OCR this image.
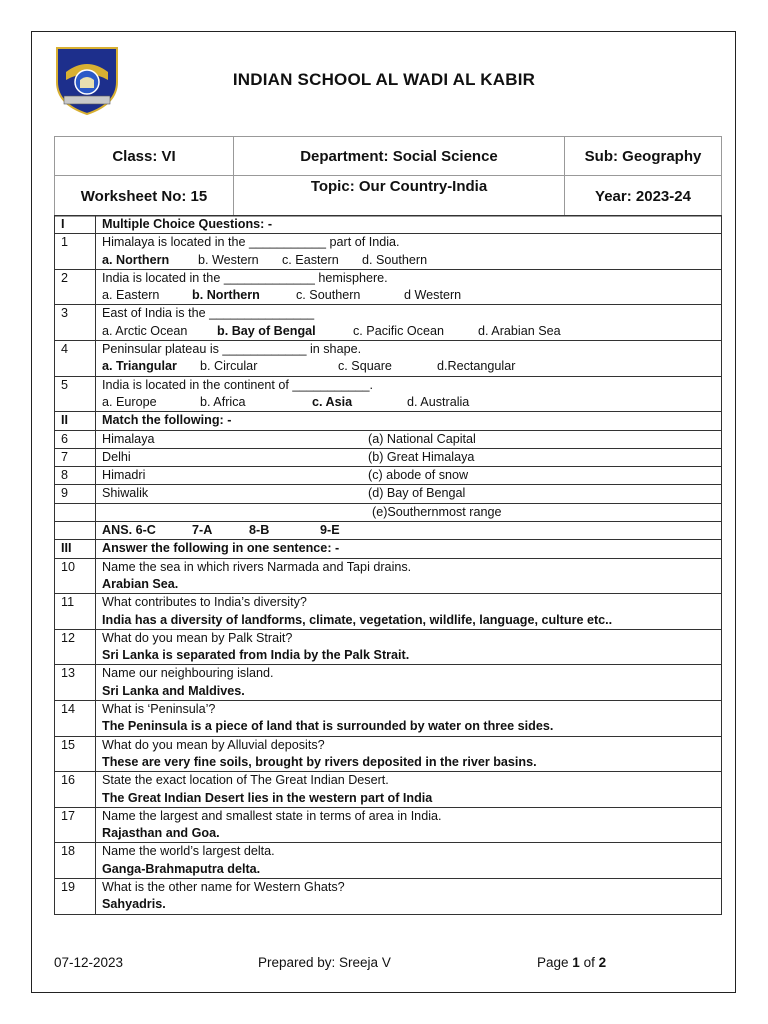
INDIAN SCHOOL AL WADI AL KABIR
Class: VI	Department: Social Science	Sub: Geography
Worksheet No: 15	Topic: Our Country-India	Year: 2023-24
I	Multiple Choice Questions: -
1	Himalaya is located in the ___________ part of India.
a. Northern b. Western c. Eastern d. Southern

2	India is located in the _____________ hemisphere.
a. Eastern b. Northern c. Southern d Western

3	East of India is the _______________
a. Arctic Ocean b. Bay of Bengal c. Pacific Ocean d. Arabian Sea

4	Peninsular plateau is ____________ in shape.
a. Triangular b. Circular c. Square d.Rectangular

5	India is located in the continent of ___________.
a. Europe b. Africa c. Asia d. Australia

II	Match the following: -
6	Himalaya (a) National Capital

7	Delhi (b) Great Himalaya

8	Himadri (c) abode of snow

9	Shiwalik (d) Bay of Bengal

	(e)Southernmost range

	ANS. 6-C 7-A 8-B 9-E

III	Answer the following in one sentence: -
10	Name the sea in which rivers Narmada and Tapi drains.
Arabian Sea.

11	What contributes to India’s diversity?
India has a diversity of landforms, climate, vegetation, wildlife, language, culture etc..

12	What do you mean by Palk Strait?
Sri Lanka is separated from India by the Palk Strait.

13	Name our neighbouring island.
Sri Lanka and Maldives.

14	What is ‘Peninsula’?
The Peninsula is a piece of land that is surrounded by water on three sides.

15	What do you mean by Alluvial deposits?
These are very fine soils, brought by rivers deposited in the river basins.

16	State the exact location of The Great Indian Desert.
The Great Indian Desert lies in the western part of India

17	Name the largest and smallest state in terms of area in India.
Rajasthan and Goa.

18	Name the world’s largest delta.
Ganga-Brahmaputra delta.

19	What is the other name for Western Ghats?
Sahyadris.
07-12-2023	Prepared by: Sreeja V	Page 1 of 2
